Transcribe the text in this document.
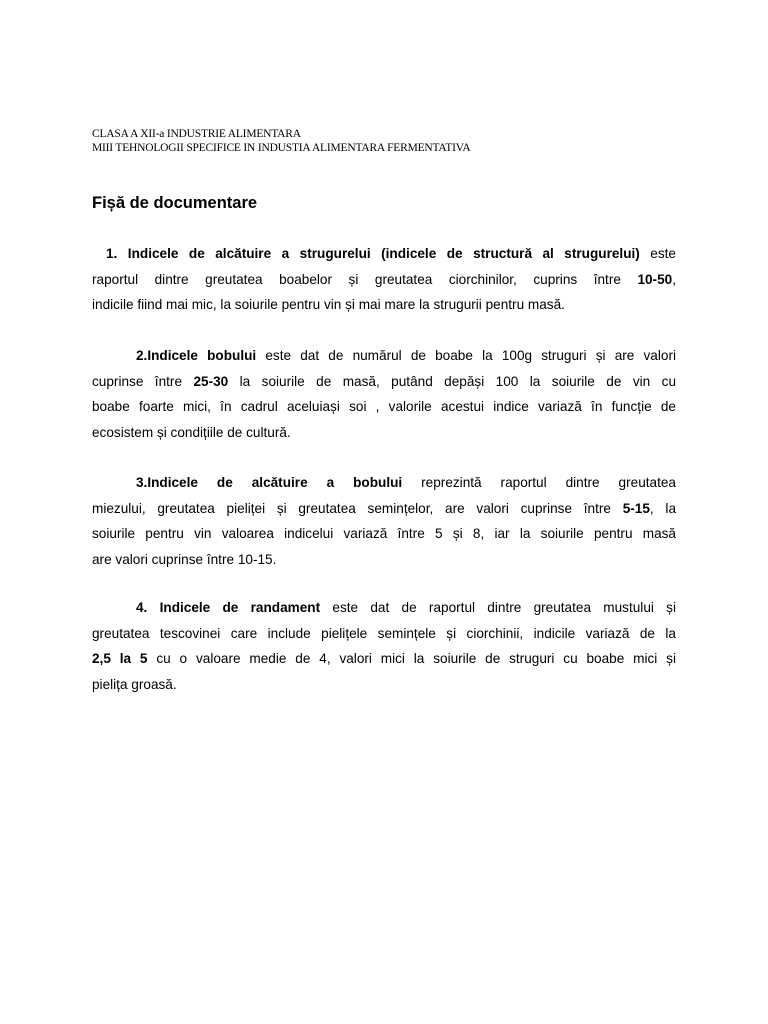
CLASA A XII-a INDUSTRIE ALIMENTARA
MIII TEHNOLOGII SPECIFICE IN INDUSTIA ALIMENTARA FERMENTATIVA
Fișă de documentare
1. Indicele de alcătuire a strugurelui (indicele de structură al strugurelui) este
raportul dintre greutatea boabelor și greutatea ciorchinilor, cuprins între 10-50,
indicile fiind mai mic, la soiurile pentru vin și mai mare la strugurii pentru masă.
2.Indicele bobului este dat de numărul de boabe la 100g struguri și are valori
cuprinse între 25-30 la soiurile de masă, putând depăși 100 la soiurile de vin cu
boabe foarte mici, în cadrul aceluiași soi , valorile acestui indice variază în funcție de
ecosistem și condițiile de cultură.
3.Indicele de alcătuire a bobului reprezintă raportul dintre greutatea
miezului, greutatea pieliței și greutatea semințelor, are valori cuprinse între 5-15, la
soiurile pentru vin valoarea indicelui variază între 5 și 8, iar la soiurile pentru masă
are valori cuprinse între 10-15.
4. Indicele de randament este dat de raportul dintre greutatea mustului și
greutatea tescovinei care include pielițele semințele și ciorchinii, indicile variază de la
2,5 la 5 cu o valoare medie de 4, valori mici la soiurile de struguri cu boabe mici și
pielița groasă.
